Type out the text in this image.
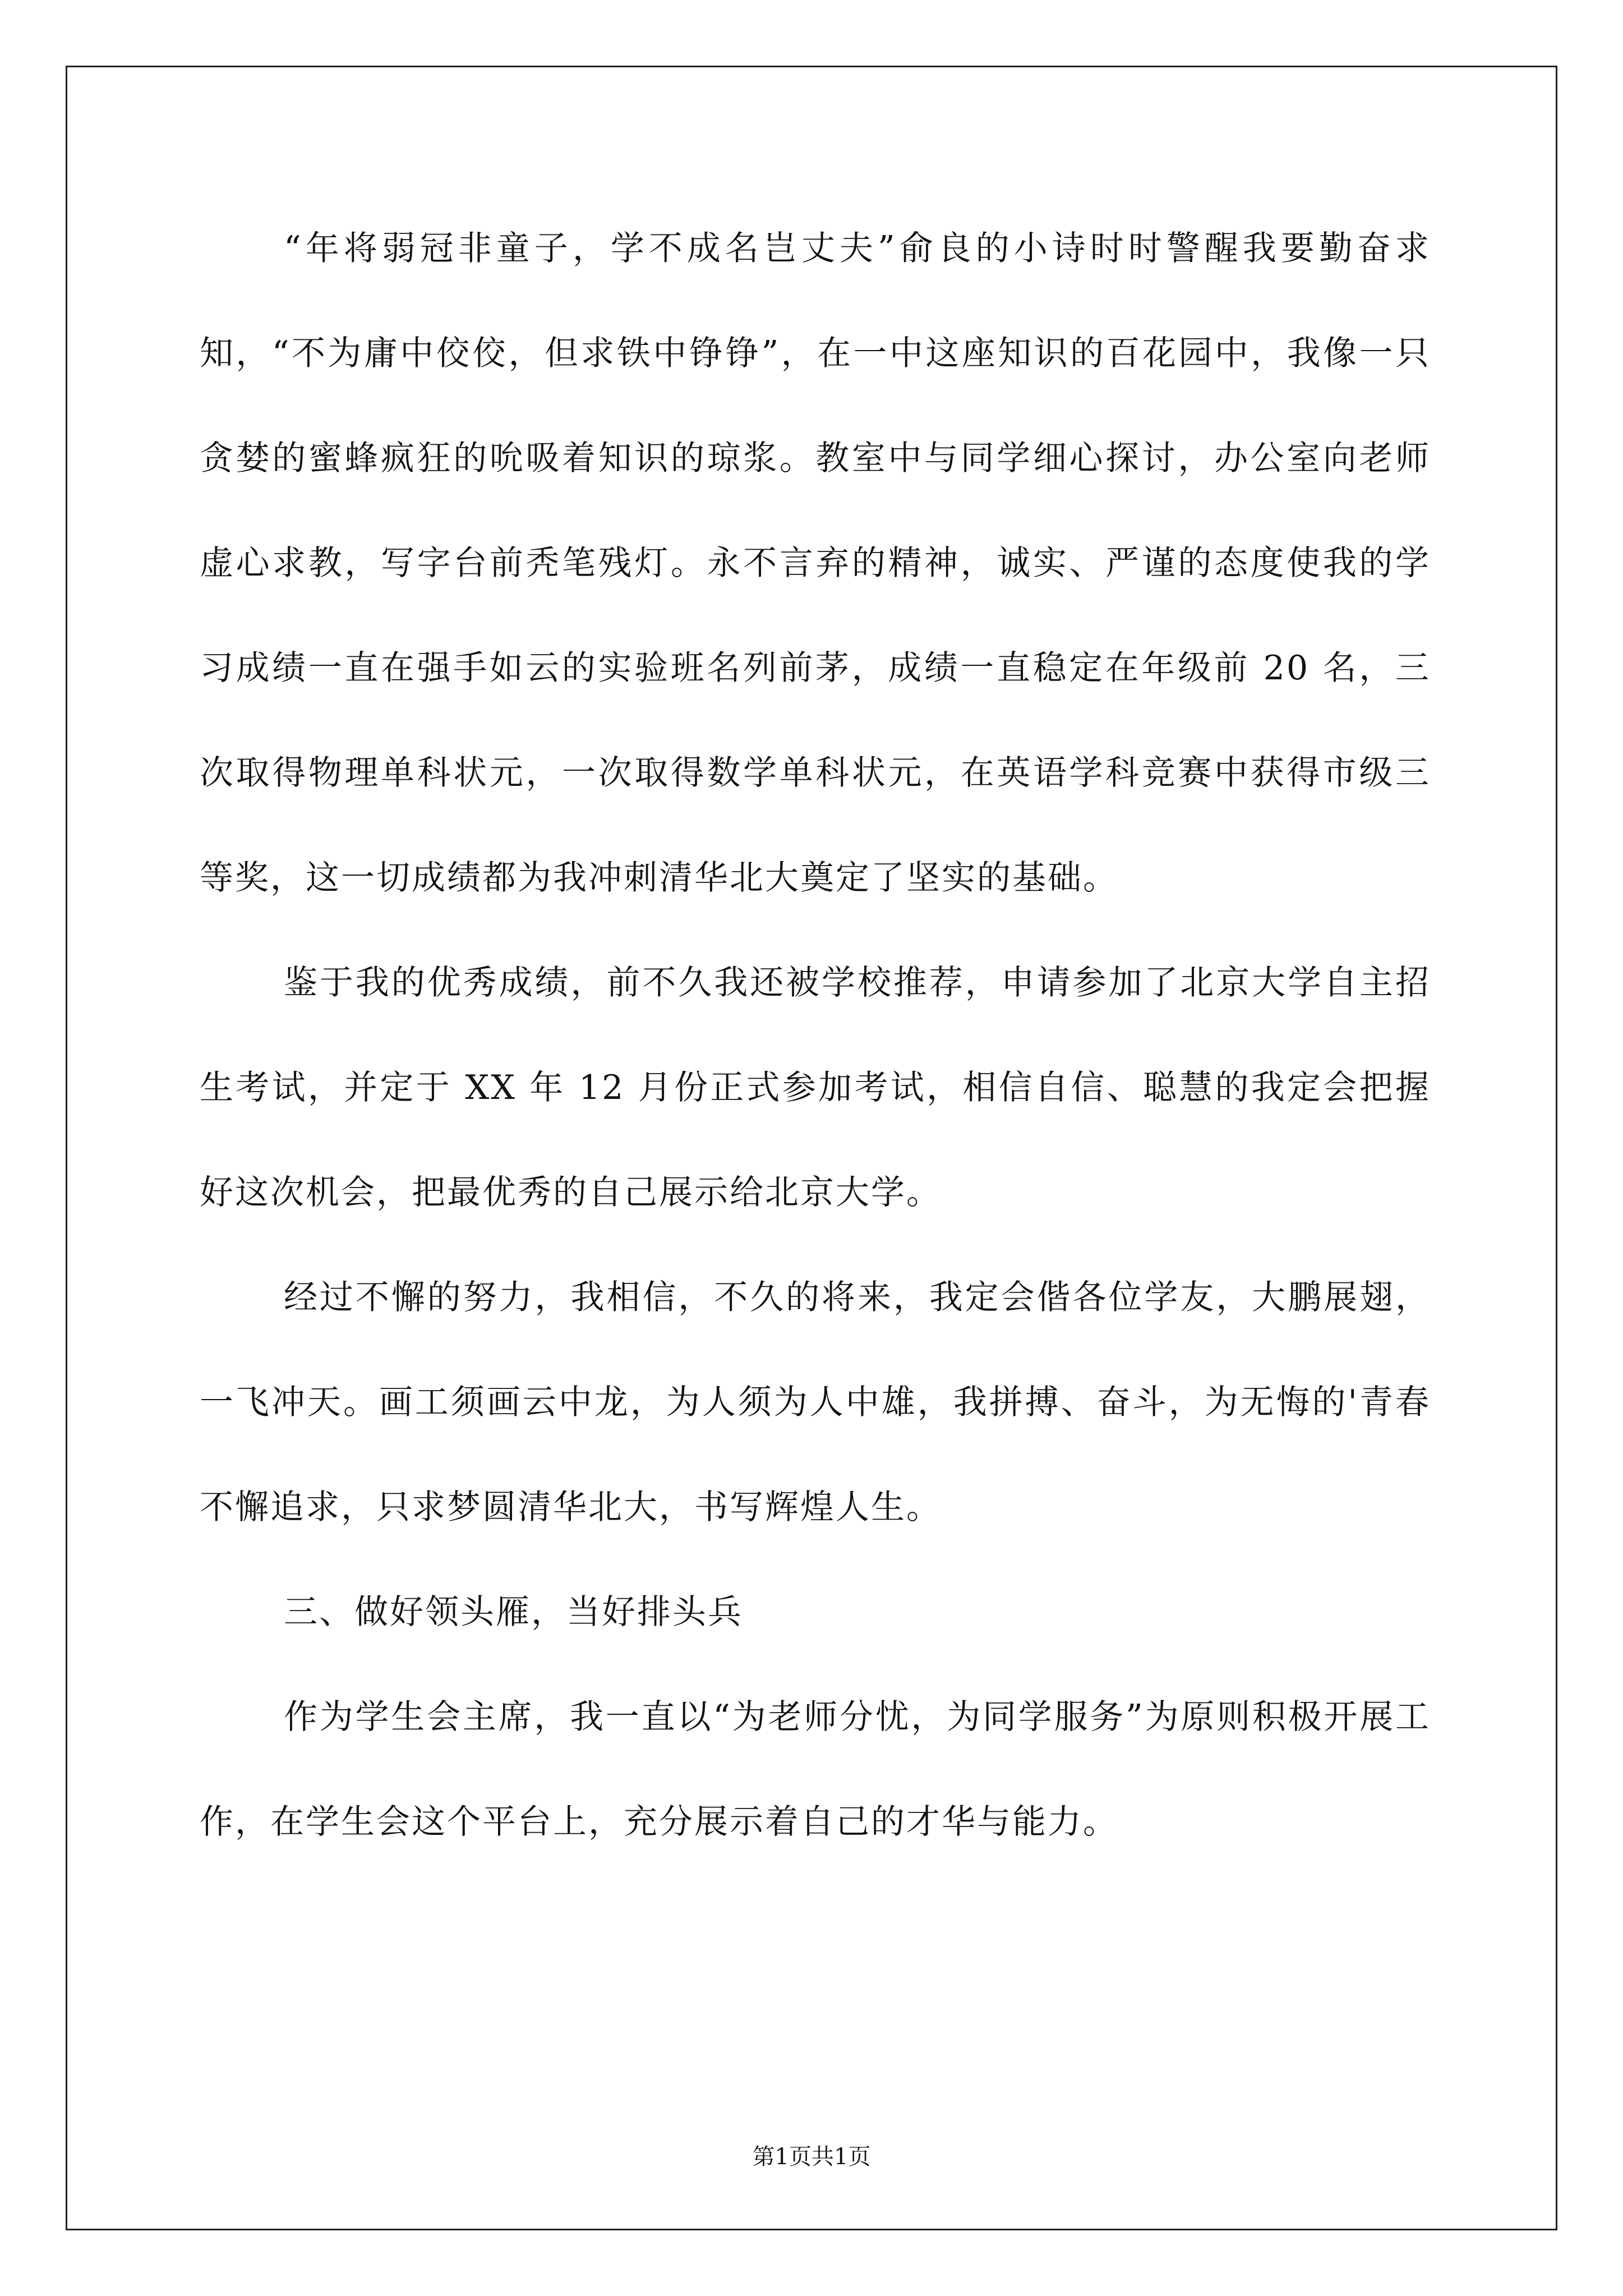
“年将弱冠非童子，学不成名岂丈夫”俞良的小诗时时警醒我要勤奋求知，“不为庸中佼佼，但求铁中铮铮”，在一中这座知识的百花园中，我像一只贪婪的蜜蜂疯狂的吮吸着知识的琼浆。教室中与同学细心探讨，办公室向老师虚心求教，写字台前秃笔残灯。永不言弃的精神，诚实、严谨的态度使我的学习成绩一直在强手如云的实验班名列前茅，成绩一直稳定在年级前 20 名，三次取得物理单科状元，一次取得数学单科状元，在英语学科竞赛中获得市级三等奖，这一切成绩都为我冲刺清华北大奠定了坚实的基础。

鉴于我的优秀成绩，前不久我还被学校推荐，申请参加了北京大学自主招生考试，并定于 XX 年 12 月份正式参加考试，相信自信、聪慧的我定会把握好这次机会，把最优秀的自己展示给北京大学。

经过不懈的努力，我相信，不久的将来，我定会偕各位学友，大鹏展翅，一飞冲天。画工须画云中龙，为人须为人中雄，我拼搏、奋斗，为无悔的'青春不懈追求，只求梦圆清华北大，书写辉煌人生。

三、做好领头雁，当好排头兵

作为学生会主席，我一直以“为老师分忧，为同学服务”为原则积极开展工作，在学生会这个平台上，充分展示着自己的才华与能力。

第1页共1页
